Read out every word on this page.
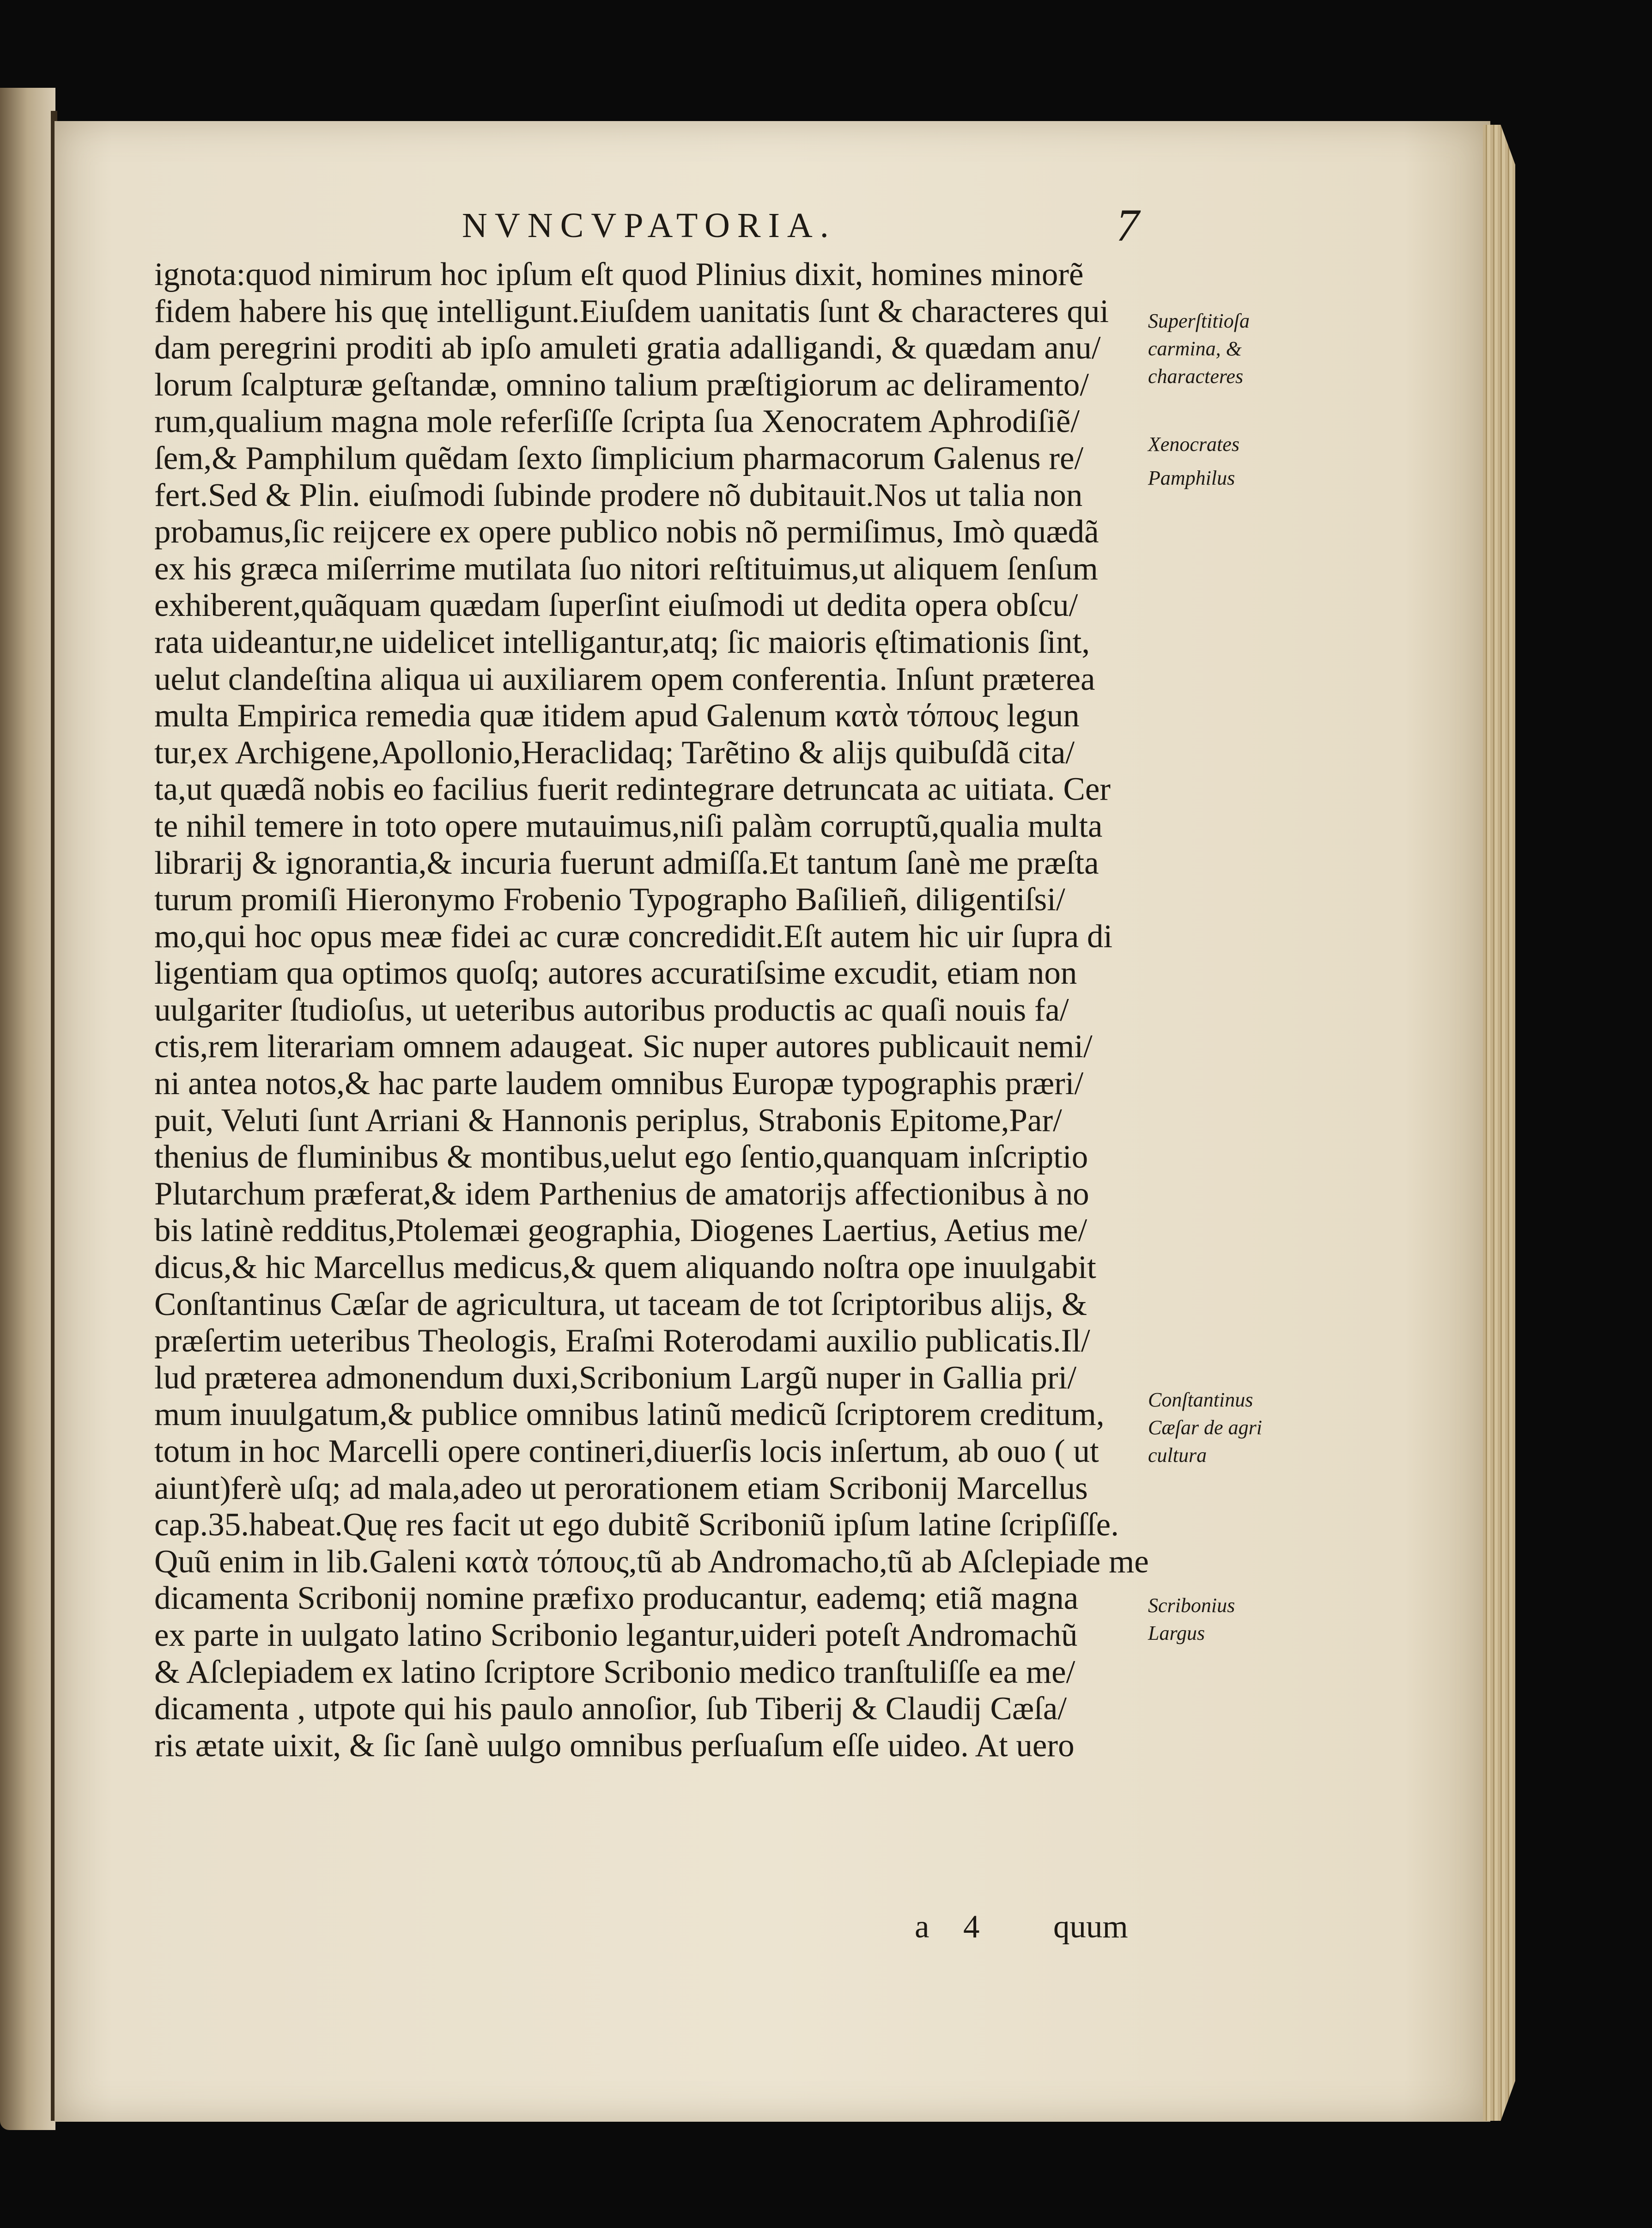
NVNCVPATORIA.	7
ignota:quod nimirum hoc ipſum eſt quod Plinius dixit, homines minorẽ
fidem habere his quę intelligunt.Eiuſdem uanitatis ſunt & characteres qui
dam peregrini proditi ab ipſo amuleti gratia adalligandi, & quædam anu/
lorum ſcalpturæ geſtandæ, omnino talium præſtigiorum ac deliramento/
rum,qualium magna mole referſiſſe ſcripta ſua Xenocratem Aphrodiſiẽ/
ſem,& Pamphilum quẽdam ſexto ſimplicium pharmacorum Galenus re/
fert.Sed & Plin. eiuſmodi ſubinde prodere nõ dubitauit.Nos ut talia non
probamus,ſic reijcere ex opere publico nobis nõ permiſimus, Imò quædã
ex his græca miſerrime mutilata ſuo nitori reſtituimus,ut aliquem ſenſum
exhiberent,quãquam quædam ſuperſint eiuſmodi ut dedita opera obſcu/
rata uideantur,ne uidelicet intelligantur,atq; ſic maioris ęſtimationis ſint,
uelut clandeſtina aliqua ui auxiliarem opem conferentia. Inſunt præterea
multa Empirica remedia quæ itidem apud Galenum κατὰ τόπους legun
tur,ex Archigene,Apollonio,Heraclidaq; Tarẽtino & alijs quibuſdã cita/
ta,ut quædã nobis eo facilius fuerit redintegrare detruncata ac uitiata. Cer
te nihil temere in toto opere mutauimus,niſi palàm corruptũ,qualia multa
librarij & ignorantia,& incuria fuerunt admiſſa.Et tantum ſanè me præſta
turum promiſi Hieronymo Frobenio Typographo Baſilieñ, diligentiſsi/
mo,qui hoc opus meæ fidei ac curæ concredidit.Eſt autem hic uir ſupra di
ligentiam qua optimos quoſq; autores accuratiſsime excudit, etiam non
uulgariter ſtudioſus, ut ueteribus autoribus productis ac quaſi nouis fa/
ctis,rem literariam omnem adaugeat. Sic nuper autores publicauit nemi/
ni antea notos,& hac parte laudem omnibus Europæ typographis præri/
puit, Veluti ſunt Arriani & Hannonis periplus, Strabonis Epitome,Par/
thenius de fluminibus & montibus,uelut ego ſentio,quanquam inſcriptio
Plutarchum præferat,& idem Parthenius de amatorijs affectionibus à no
bis latinè redditus,Ptolemæi geographia, Diogenes Laertius, Aetius me/
dicus,& hic Marcellus medicus,& quem aliquando noſtra ope inuulgabit
Conſtantinus Cæſar de agricultura, ut taceam de tot ſcriptoribus alijs, &
præſertim ueteribus Theologis, Eraſmi Roterodami auxilio publicatis.Il/
lud præterea admonendum duxi,Scribonium Largũ nuper in Gallia pri/
mum inuulgatum,& publice omnibus latinũ medicũ ſcriptorem creditum,
totum in hoc Marcelli opere contineri,diuerſis locis inſertum, ab ouo ( ut
aiunt)ferè uſq; ad mala,adeo ut perorationem etiam Scribonij Marcellus
cap.35.habeat.Quę res facit ut ego dubitẽ Scriboniũ ipſum latine ſcripſiſſe.
Quũ enim in lib.Galeni κατὰ τόπους,tũ ab Andromacho,tũ ab Aſclepiade me
dicamenta Scribonij nomine præfixo producantur, eademq; etiã magna
ex parte in uulgato latino Scribonio legantur,uideri poteſt Andromachũ
& Aſclepiadem ex latino ſcriptore Scribonio medico tranſtuliſſe ea me/
dicamenta , utpote qui his paulo annoſior, ſub Tiberij & Claudij Cæſa/
ris ætate uixit, & ſic ſanè uulgo omnibus perſuaſum eſſe uideo. At uero
Superſtitioſa carmina, & characteres
Xenocrates
Pamphilus
Conſtantinus Cæſar de agri cultura
Scribonius Largus
a	4	quum
